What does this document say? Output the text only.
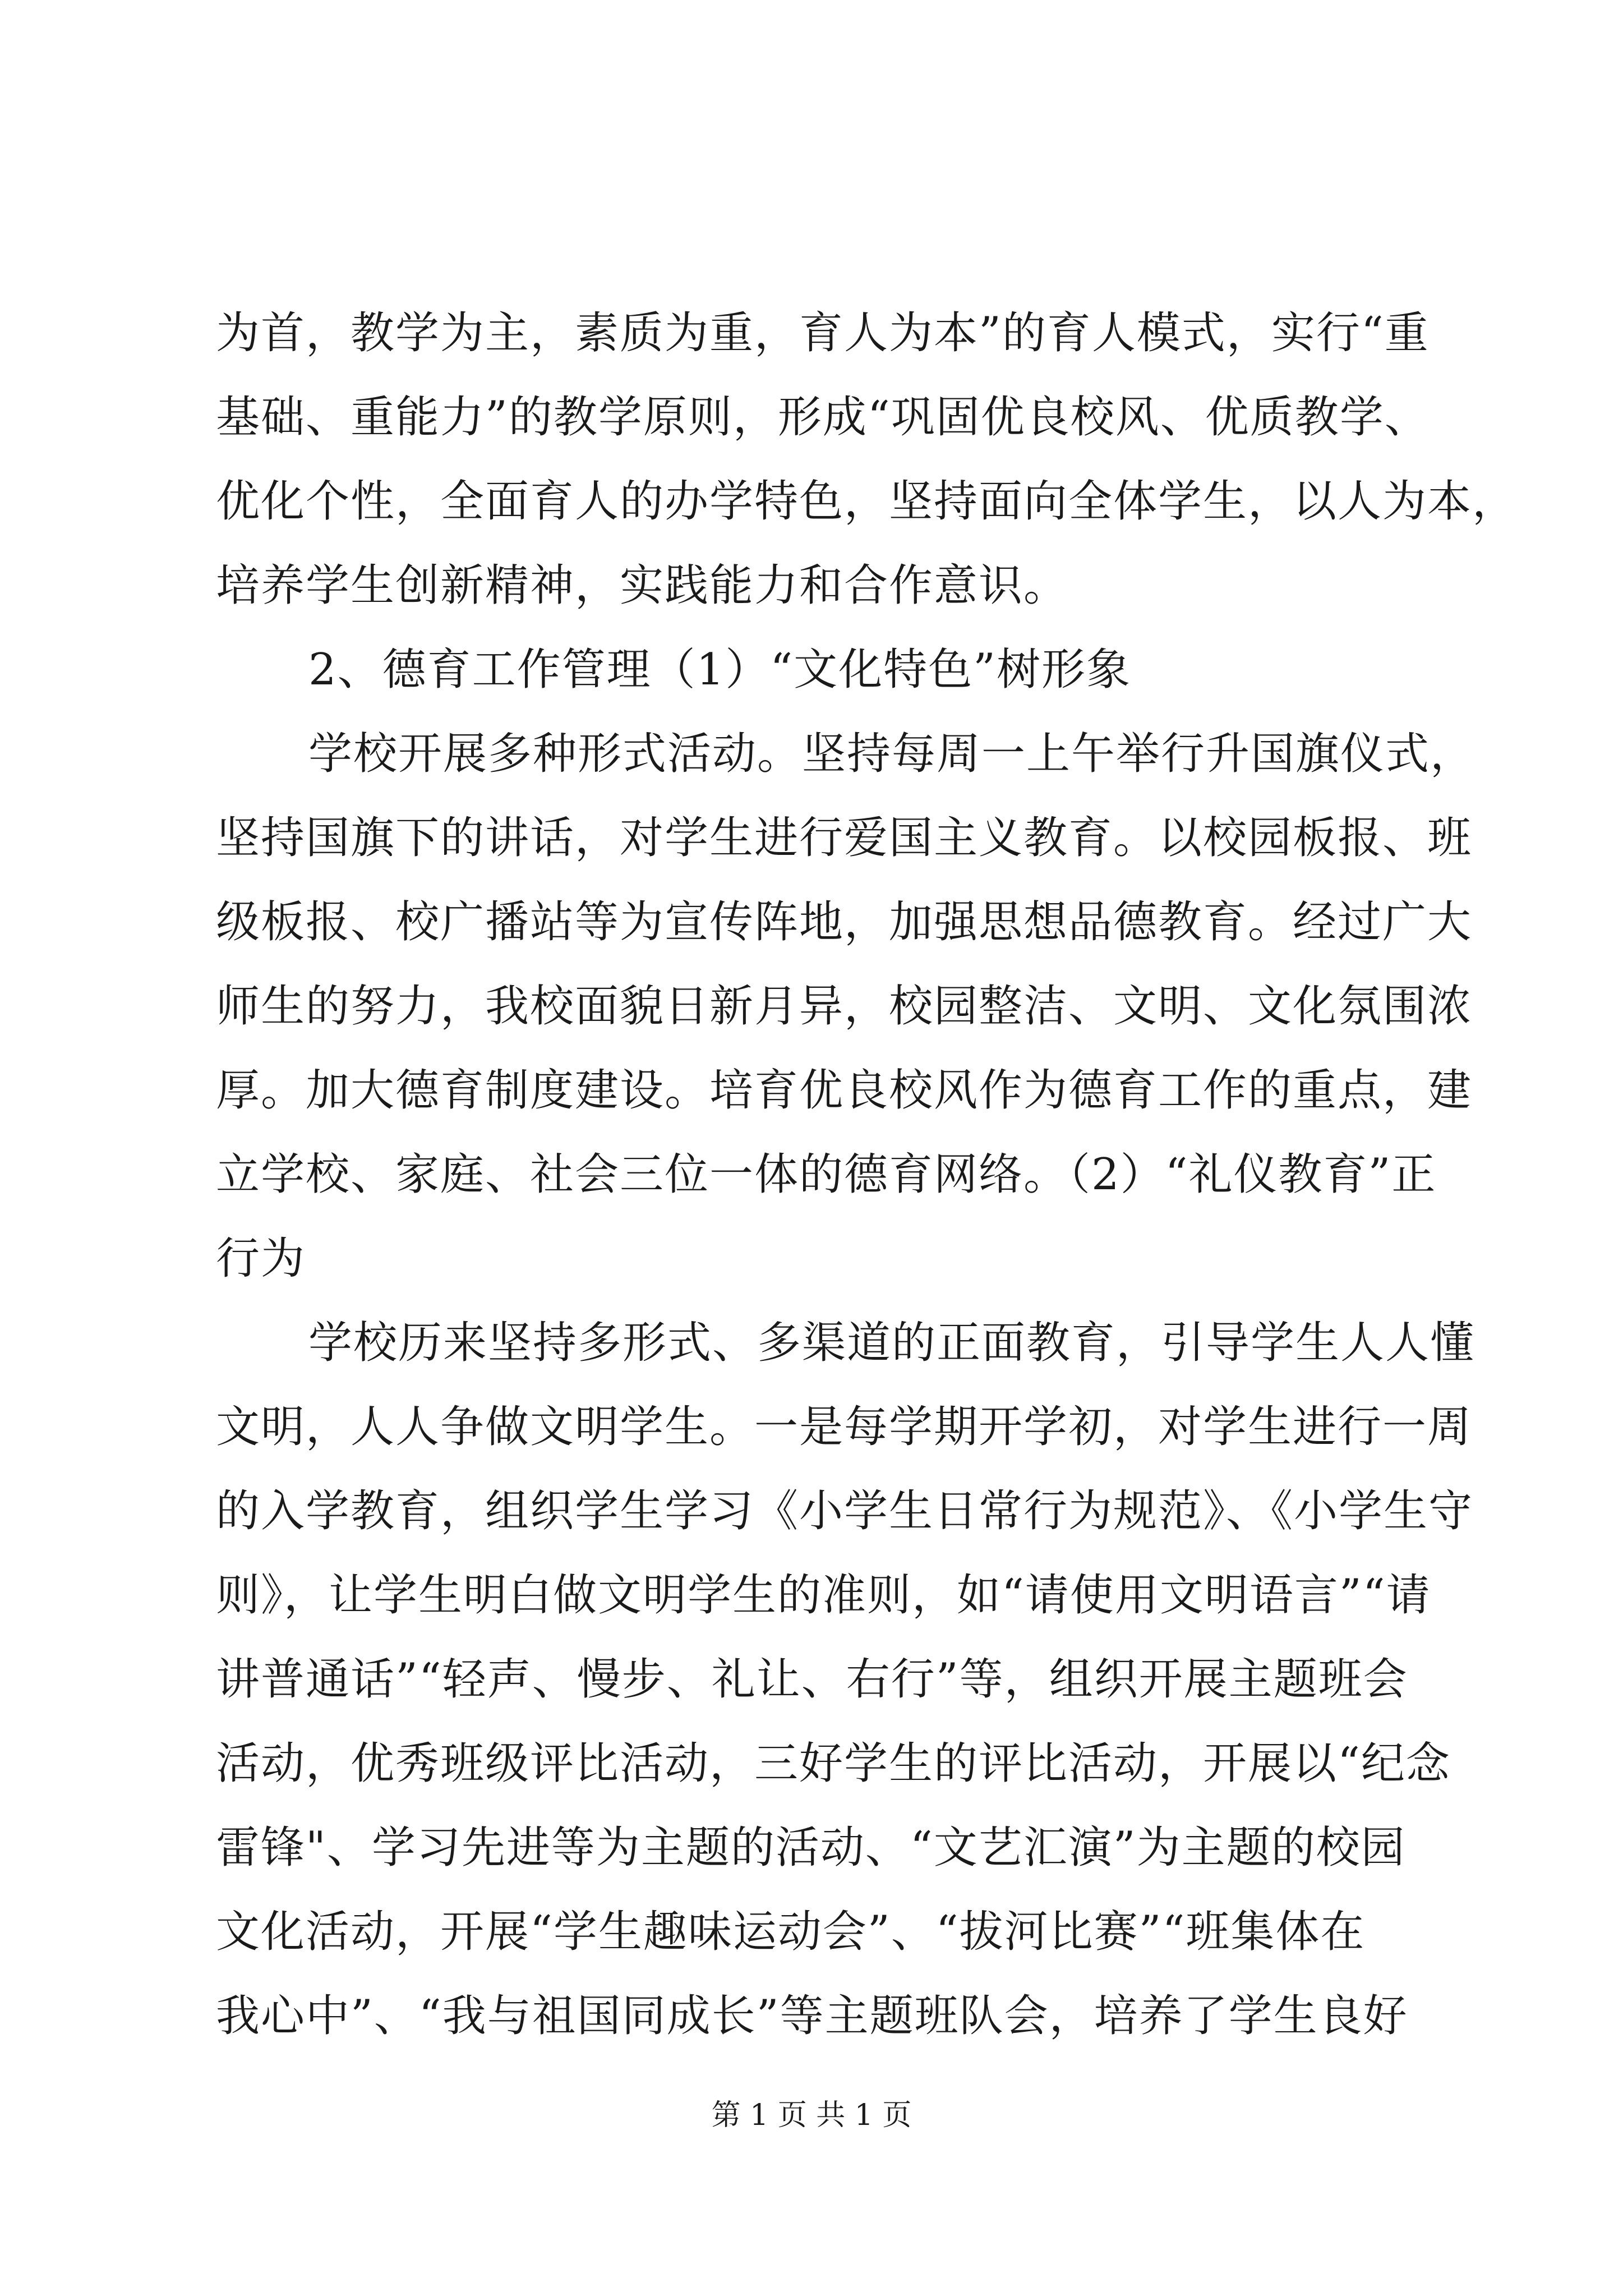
为首，教学为主，素质为重，育人为本”的育人模式，实行“重
基础、重能力”的教学原则，形成“巩固优良校风、优质教学、
优化个性，全面育人的办学特色，坚持面向全体学生，以人为本，
培养学生创新精神，实践能力和合作意识。
2、德育工作管理（1）“文化特色”树形象
学校开展多种形式活动。坚持每周一上午举行升国旗仪式，
坚持国旗下的讲话，对学生进行爱国主义教育。以校园板报、班
级板报、校广播站等为宣传阵地，加强思想品德教育。经过广大
师生的努力，我校面貌日新月异，校园整洁、文明、文化氛围浓
厚。加大德育制度建设。培育优良校风作为德育工作的重点，建
立学校、家庭、社会三位一体的德育网络。（2）“礼仪教育”正
行为
学校历来坚持多形式、多渠道的正面教育，引导学生人人懂
文明，人人争做文明学生。一是每学期开学初，对学生进行一周
的入学教育，组织学生学习《小学生日常行为规范》、《小学生守
则》，让学生明白做文明学生的准则，如“请使用文明语言”“请
讲普通话”“轻声、慢步、礼让、右行”等，组织开展主题班会
活动，优秀班级评比活动，三好学生的评比活动，开展以“纪念
雷锋"、学习先进等为主题的活动、“文艺汇演”为主题的校园
文化活动，开展“学生趣味运动会”、“拔河比赛”“班集体在
我心中”、“我与祖国同成长”等主题班队会，培养了学生良好
第 1 页 共 1 页
